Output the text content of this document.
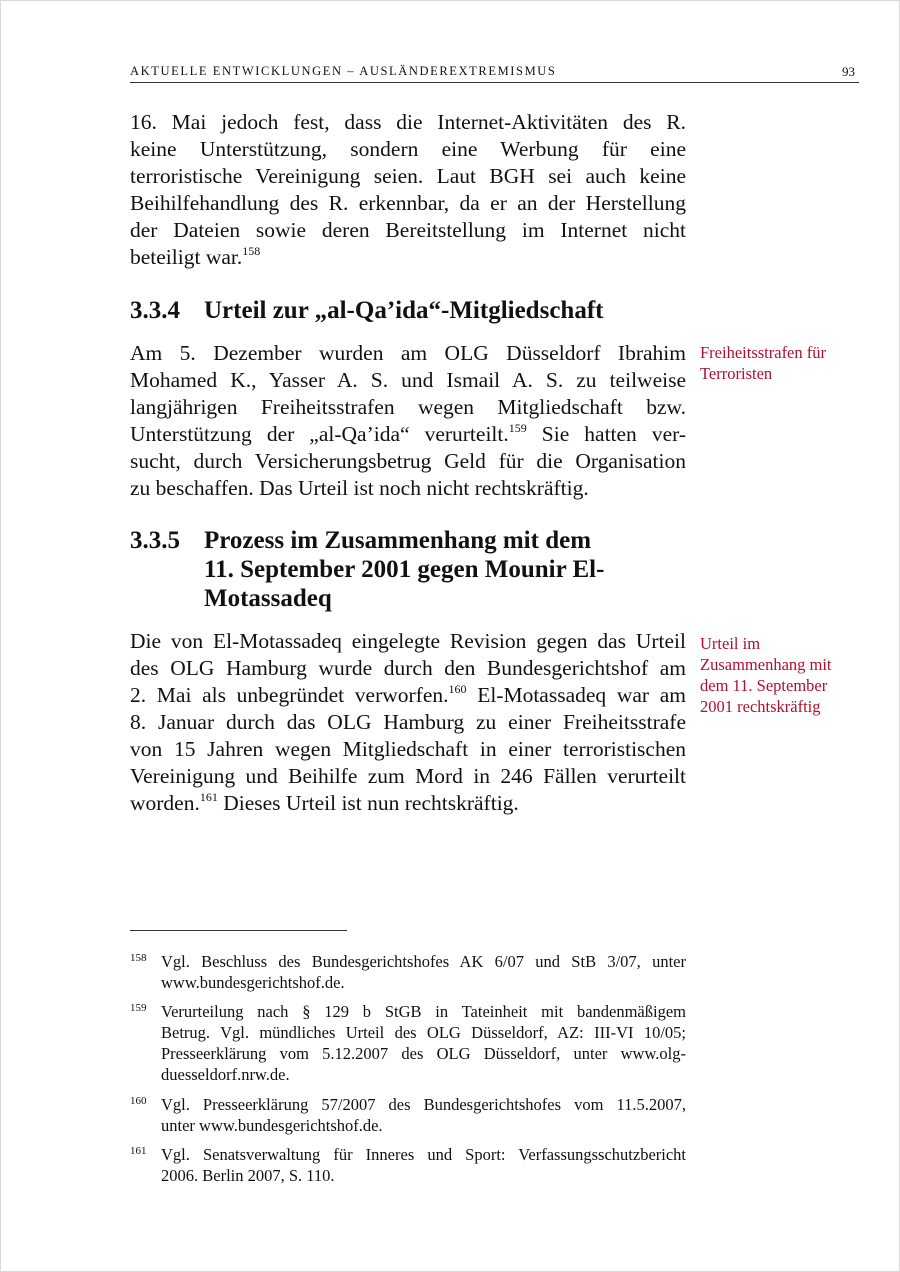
AKTUELLE ENTWICKLUNGEN – AUSLÄNDEREXTREMISMUS	93
16. Mai jedoch fest, dass die Internet-Aktivitäten des R.
keine Unterstützung, sondern eine Werbung für eine
terroristische Vereinigung seien. Laut BGH sei auch keine
Beihilfehandlung des R. erkennbar, da er an der Herstellung
der Dateien sowie deren Bereitstellung im Internet nicht
beteiligt war.$^{158}$
3.3.4 Urteil zur „al-Qa’ida“-Mitgliedschaft
Freiheitsstrafen für Terroristen
Am 5. Dezember wurden am OLG Düsseldorf Ibrahim
Mohamed K., Yasser A. S. und Ismail A. S. zu teilweise
langjährigen Freiheitsstrafen wegen Mitgliedschaft bzw.
Unterstützung der „al-Qa’ida“ verurteilt.$^{159}$ Sie hatten ver-
sucht, durch Versicherungsbetrug Geld für die Organisation
zu beschaffen. Das Urteil ist noch nicht rechtskräftig.
3.3.5 Prozess im Zusammenhang mit dem
11. September 2001 gegen Mounir El-
Motassadeq
Urteil im Zusammenhang mit dem 11. September 2001 rechtskräftig
Die von El-Motassadeq eingelegte Revision gegen das Urteil
des OLG Hamburg wurde durch den Bundesgerichtshof am
2. Mai als unbegründet verworfen.$^{160}$ El-Motassadeq war am
8. Januar durch das OLG Hamburg zu einer Freiheitsstrafe
von 15 Jahren wegen Mitgliedschaft in einer terroristischen
Vereinigung und Beihilfe zum Mord in 246 Fällen verurteilt
worden.$^{161}$ Dieses Urteil ist nun rechtskräftig.
158 Vgl. Beschluss des Bundesgerichtshofes AK 6/07 und StB 3/07, unter
www.bundesgerichtshof.de.
159 Verurteilung nach § 129 b StGB in Tateinheit mit bandenmäßigem
Betrug. Vgl. mündliches Urteil des OLG Düsseldorf, AZ: III-VI 10/05;
Presseerklärung vom 5.12.2007 des OLG Düsseldorf, unter www.olg-
duesseldorf.nrw.de.
160 Vgl. Presseerklärung 57/2007 des Bundesgerichtshofes vom 11.5.2007,
unter www.bundesgerichtshof.de.
161 Vgl. Senatsverwaltung für Inneres und Sport: Verfassungsschutzbericht
2006. Berlin 2007, S. 110.
